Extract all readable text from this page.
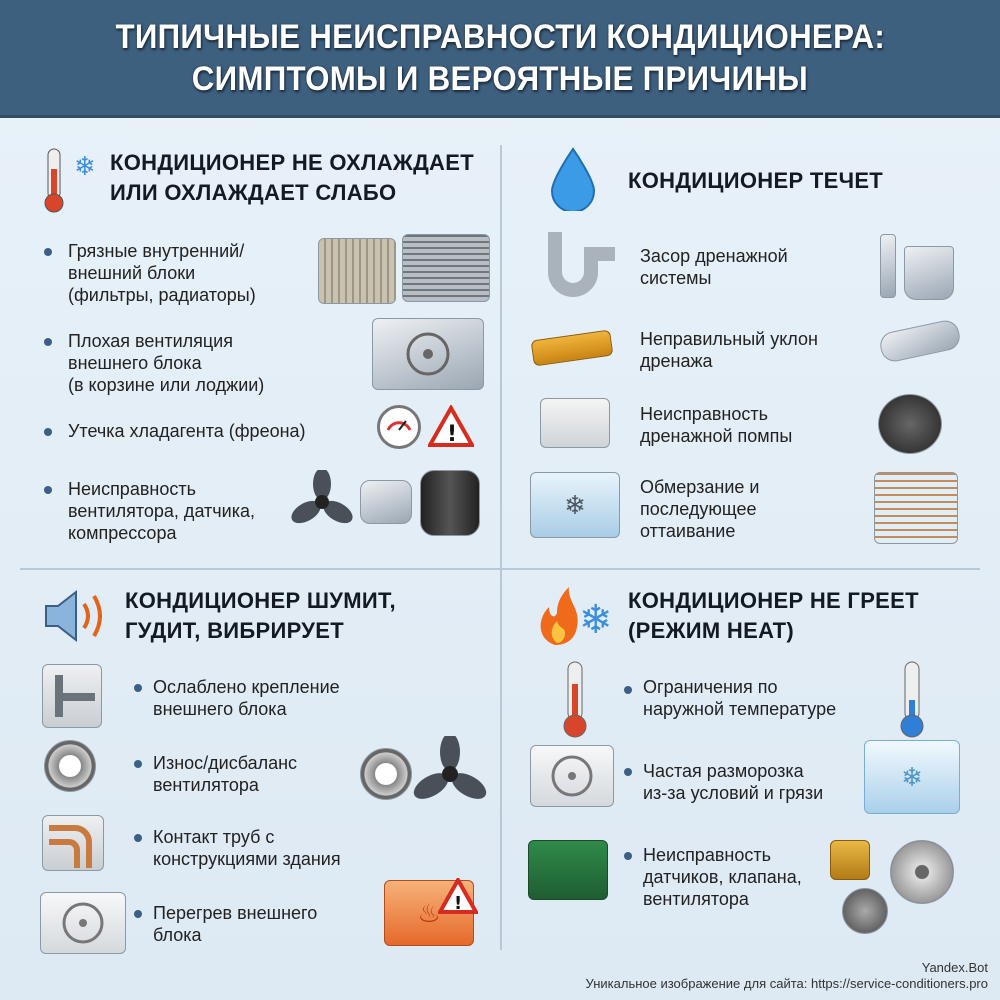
ТИПИЧНЫЕ НЕИСПРАВНОСТИ КОНДИЦИОНЕРА:
СИМПТОМЫ И ВЕРОЯТНЫЕ ПРИЧИНЫ
❄ КОНДИЦИОНЕР НЕ ОХЛАЖДАЕТ
ИЛИ ОХЛАЖДАЕТ СЛАБО
Грязные внутренний/
внешний блоки
(фильтры, радиаторы)
Плохая вентиляция
внешнего блока
(в корзине или лоджии)
Утечка хладагента (фреона)	!
Неисправность
вентилятора, датчика,
компрессора
КОНДИЦИОНЕР ТЕЧЕТ
Засор дренажной
системы
Неправильный уклон
дренажа
Неисправность
дренажной помпы
❄
Обмерзание и
последующее
оттаивание
КОНДИЦИОНЕР ШУМИТ,
ГУДИТ, ВИБРИРУЕТ
Ослаблено крепление
внешнего блока
Износ/дисбаланс
вентилятора
Контакт труб с
конструкциями здания
Перегрев внешнего
блока
♨ !
❄ КОНДИЦИОНЕР НЕ ГРЕЕТ
(РЕЖИМ HEAT)
Ограничения по
наружной температуре
Частая разморозка
из-за условий и грязи
❄
Неисправность
датчиков, клапана,
вентилятора
Yandex.Bot
Уникальное изображение для сайта: https://service-conditioners.pro
